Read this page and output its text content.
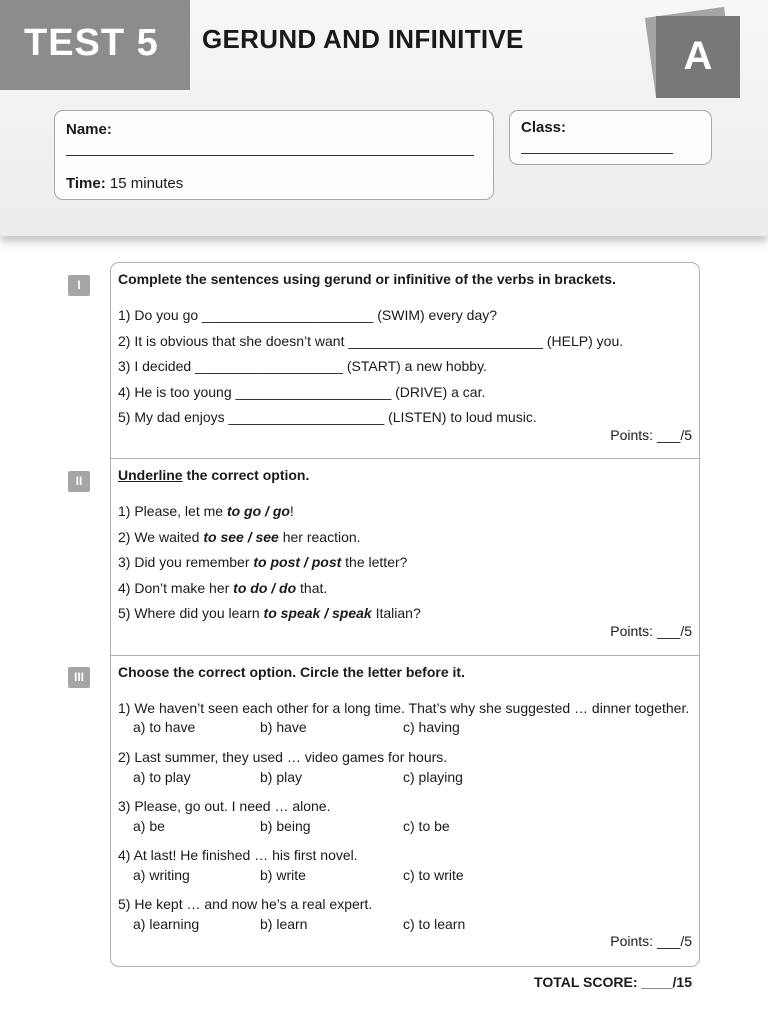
TEST 5	GERUND AND INFINITIVE	A
Name:
Time: 15 minutes
Class:
I	Complete the sentences using gerund or infinitive of the verbs in brackets.
1) Do you go ______________________ (SWIM) every day?
2) It is obvious that she doesn’t want _________________________ (HELP) you.
3) I decided ___________________ (START) a new hobby.
4) He is too young ____________________ (DRIVE) a car.
5) My dad enjoys ____________________ (LISTEN) to loud music.
Points: ___/5
II	Underline the correct option.
1) Please, let me to go / go!
2) We waited to see / see her reaction.
3) Did you remember to post / post the letter?
4) Don’t make her to do / do that.
5) Where did you learn to speak / speak Italian?
Points: ___/5
III	Choose the correct option. Circle the letter before it.
1) We haven’t seen each other for a long time. That’s why she suggested … dinner together.
a) to have	b) have	c) having
2) Last summer, they used … video games for hours.
a) to play	b) play	c) playing
3) Please, go out. I need … alone.
a) be	b) being	c) to be
4) At last! He finished … his first novel.
a) writing	b) write	c) to write
5) He kept … and now he’s a real expert.
a) learning	b) learn	c) to learn
Points: ___/5
TOTAL SCORE: ____/15
